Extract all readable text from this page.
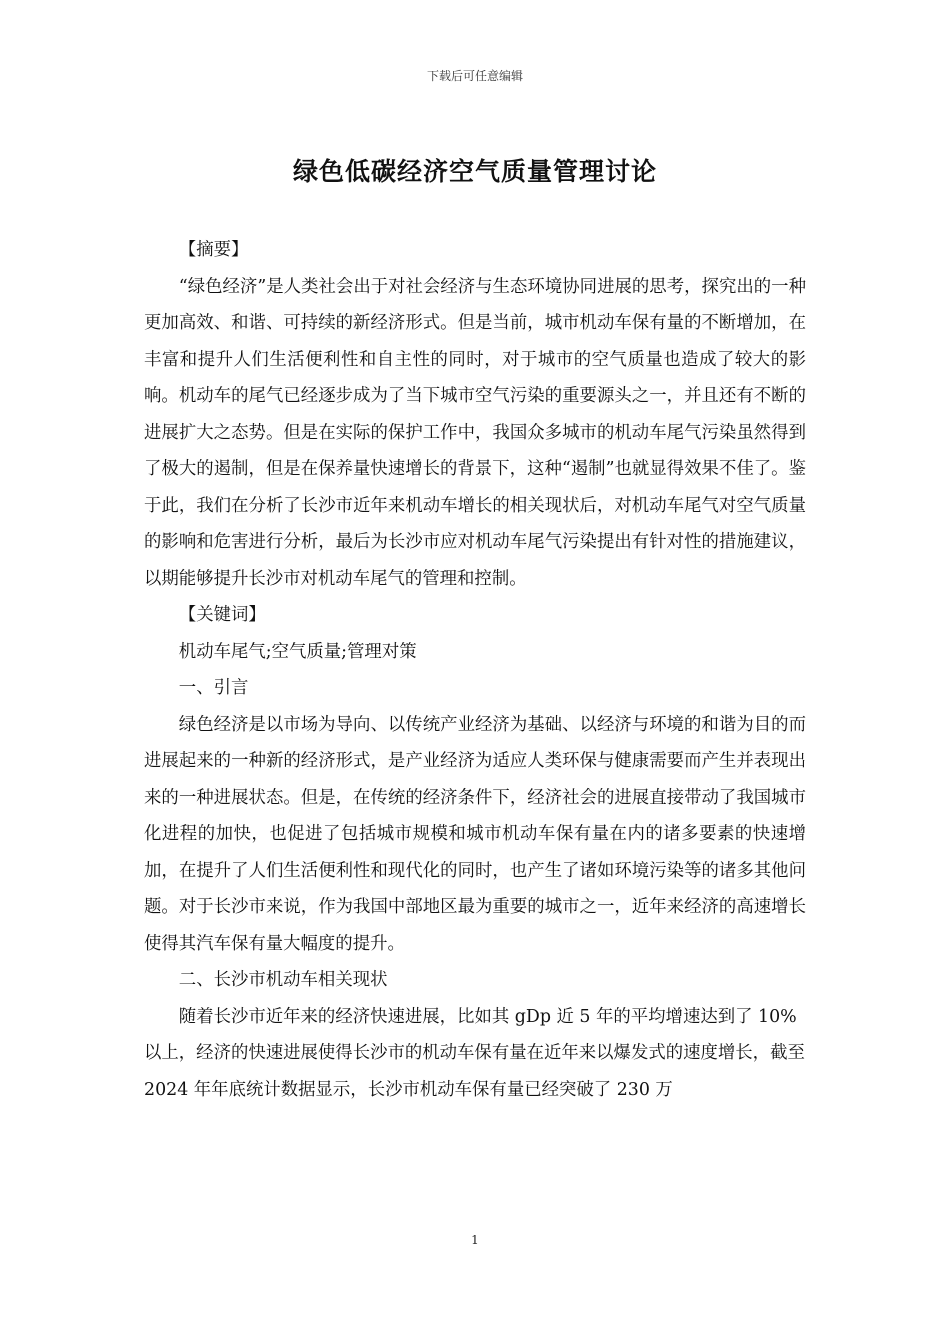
下载后可任意编辑
绿色低碳经济空气质量管理讨论

【摘要】

“绿色经济”是人类社会出于对社会经济与生态环境协同进展的思考，探究出的一种更加高效、和谐、可持续的新经济形式。但是当前，城市机动车保有量的不断增加，在丰富和提升人们生活便利性和自主性的同时，对于城市的空气质量也造成了较大的影响。机动车的尾气已经逐步成为了当下城市空气污染的重要源头之一，并且还有不断的进展扩大之态势。但是在实际的保护工作中，我国众多城市的机动车尾气污染虽然得到了极大的遏制，但是在保养量快速增长的背景下，这种“遏制”也就显得效果不佳了。鉴于此，我们在分析了长沙市近年来机动车增长的相关现状后，对机动车尾气对空气质量的影响和危害进行分析，最后为长沙市应对机动车尾气污染提出有针对性的措施建议，以期能够提升长沙市对机动车尾气的管理和控制。

【关键词】

机动车尾气;空气质量;管理对策

一、引言

绿色经济是以市场为导向、以传统产业经济为基础、以经济与环境的和谐为目的而进展起来的一种新的经济形式，是产业经济为适应人类环保与健康需要而产生并表现出来的一种进展状态。但是，在传统的经济条件下，经济社会的进展直接带动了我国城市化进程的加快，也促进了包括城市规模和城市机动车保有量在内的诸多要素的快速增加，在提升了人们生活便利性和现代化的同时，也产生了诸如环境污染等的诸多其他问题。对于长沙市来说，作为我国中部地区最为重要的城市之一，近年来经济的高速增长使得其汽车保有量大幅度的提升。

二、长沙市机动车相关现状

随着长沙市近年来的经济快速进展，比如其 gDp 近 5 年的平均增速达到了 10%以上，经济的快速进展使得长沙市的机动车保有量在近年来以爆发式的速度增长，截至 2024 年年底统计数据显示，长沙市机动车保有量已经突破了 230 万

1
